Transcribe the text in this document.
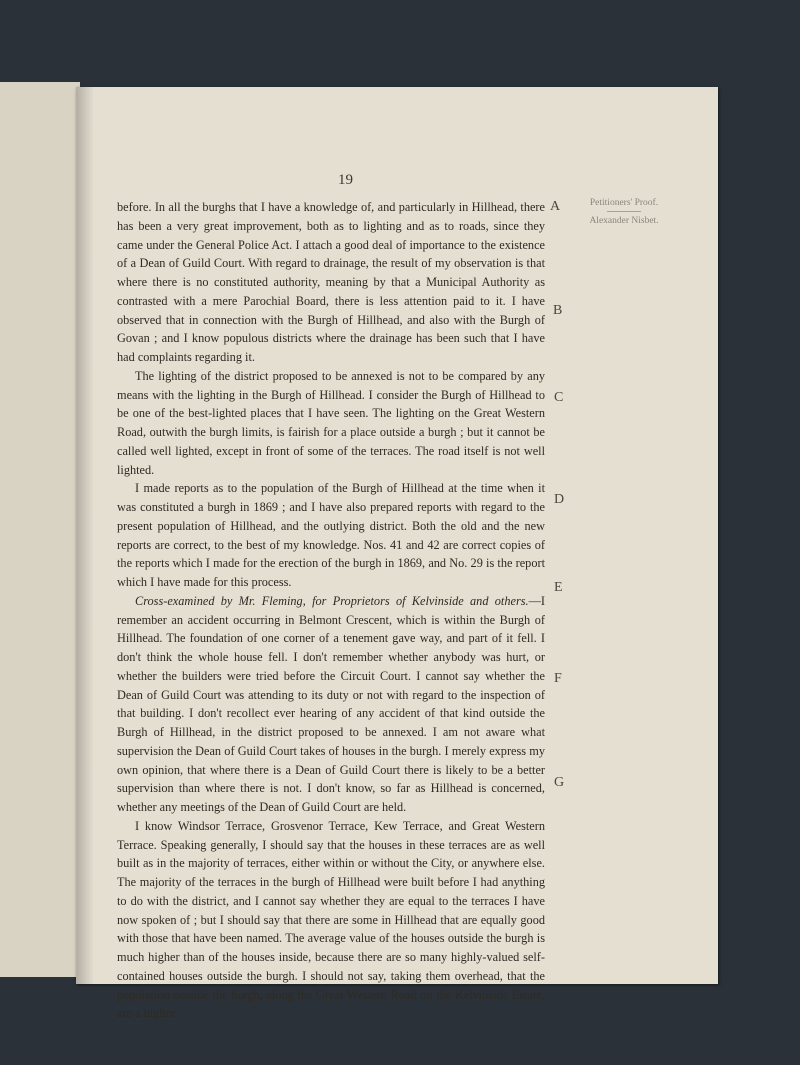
19

before. In all the burghs that I have a knowledge of, and particularly in Hillhead, there has been a very great improvement, both as to lighting and as to roads, since they came under the General Police Act. I attach a good deal of importance to the existence of a Dean of Guild Court. With regard to drainage, the result of my observation is that where there is no constituted authority, meaning by that a Municipal Authority as contrasted with a mere Parochial Board, there is less attention paid to it. I have observed that in connection with the Burgh of Hillhead, and also with the Burgh of Govan ; and I know populous districts where the drainage has been such that I have had complaints regarding it.

The lighting of the district proposed to be annexed is not to be compared by any means with the lighting in the Burgh of Hillhead. I consider the Burgh of Hillhead to be one of the best-lighted places that I have seen. The lighting on the Great Western Road, outwith the burgh limits, is fairish for a place outside a burgh ; but it cannot be called well lighted, except in front of some of the terraces. The road itself is not well lighted.

I made reports as to the population of the Burgh of Hillhead at the time when it was constituted a burgh in 1869 ; and I have also prepared reports with regard to the present population of Hillhead, and the outlying district. Both the old and the new reports are correct, to the best of my knowledge. Nos. 41 and 42 are correct copies of the reports which I made for the erection of the burgh in 1869, and No. 29 is the report which I have made for this process.

Cross-examined by Mr. Fleming, for Proprietors of Kelvinside and others.—I remember an accident occurring in Belmont Crescent, which is within the Burgh of Hillhead. The foundation of one corner of a tenement gave way, and part of it fell. I don't think the whole house fell. I don't remember whether anybody was hurt, or whether the builders were tried before the Circuit Court. I cannot say whether the Dean of Guild Court was attending to its duty or not with regard to the inspection of that building. I don't recollect ever hearing of any accident of that kind outside the Burgh of Hillhead, in the district proposed to be annexed. I am not aware what supervision the Dean of Guild Court takes of houses in the burgh. I merely express my own opinion, that where there is a Dean of Guild Court there is likely to be a better supervision than where there is not. I don't know, so far as Hillhead is concerned, whether any meetings of the Dean of Guild Court are held.

I know Windsor Terrace, Grosvenor Terrace, Kew Terrace, and Great Western Terrace. Speaking generally, I should say that the houses in these terraces are as well built as in the majority of terraces, either within or without the City, or anywhere else. The majority of the terraces in the burgh of Hillhead were built before I had anything to do with the district, and I cannot say whether they are equal to the terraces I have now spoken of ; but I should say that there are some in Hillhead that are equally good with those that have been named. The average value of the houses outside the burgh is much higher than of the houses inside, because there are so many highly-valued self-contained houses outside the burgh. I should not say, taking them overhead, that the population outside the burgh, along the Great Western Road on the Kelvinside Estate, are a higher

A
B
C
D
E
F
G
Petitioners' Proof.
Alexander Nisbet.
